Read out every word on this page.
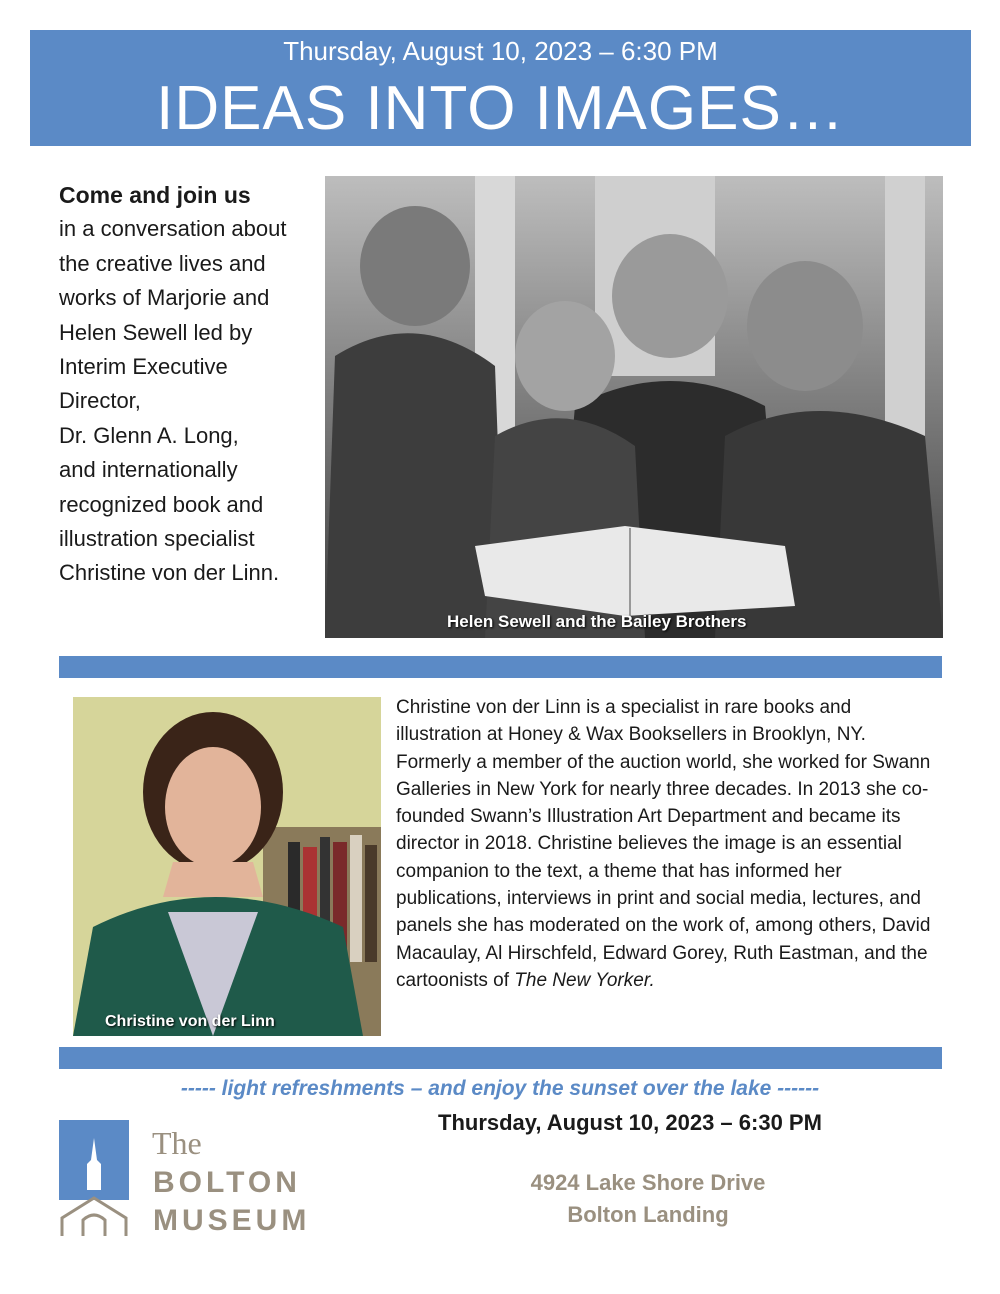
Thursday, August 10, 2023 – 6:30 PM
IDEAS INTO IMAGES…
Come and join us
in a conversation about
the creative lives and
works of Marjorie and
Helen Sewell led by
Interim Executive
Director,
Dr. Glenn A. Long,
and internationally
recognized book and
illustration specialist
Christine von der Linn.
Helen Sewell and the Bailey Brothers
Christine von der Linn
Christine von der Linn is a specialist in rare books and illustration at Honey & Wax Booksellers in Brooklyn, NY. Formerly a member of the auction world, she worked for Swann Galleries in New York for nearly three decades. In 2013 she co-founded Swann’s Illustration Art Department and became its director in 2018. Christine believes the image is an essential companion to the text, a theme that has informed her publications, interviews in print and social media, lectures, and panels she has moderated on the work of, among others, David Macaulay, Al Hirschfeld, Edward Gorey, Ruth Eastman, and the cartoonists of The New Yorker.
----- light refreshments – and enjoy the sunset over the lake ------
Thursday, August 10, 2023 – 6:30 PM
4924 Lake Shore Drive
Bolton Landing
The
BOLTON
MUSEUM
